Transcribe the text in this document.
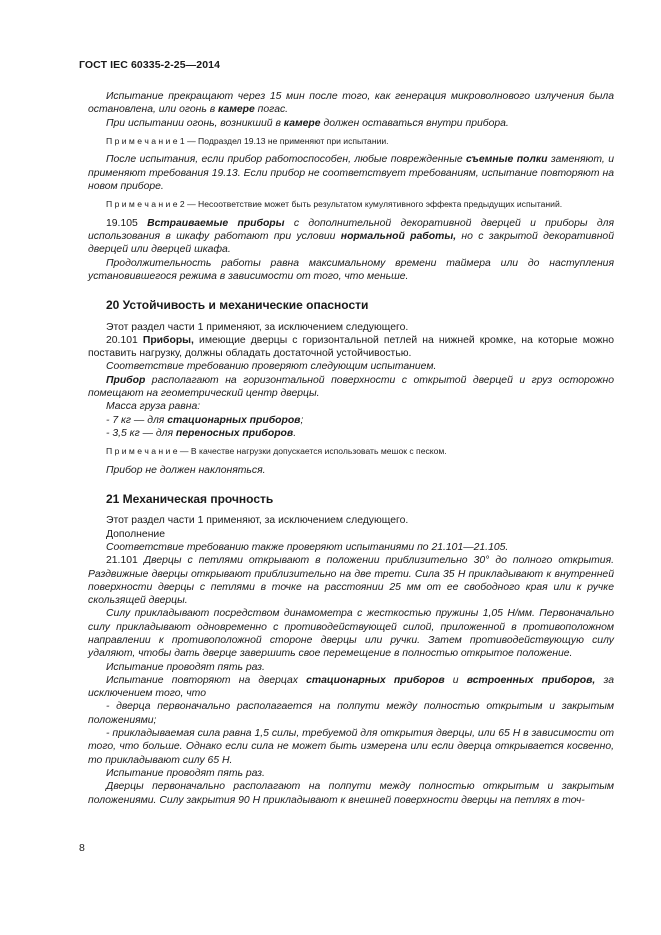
ГОСТ IEC 60335-2-25—2014

Испытание прекращают через 15 мин после того, как генерация микроволнового излучения была остановлена, или огонь в камере погас.

При испытании огонь, возникший в камере должен оставаться внутри прибора.

П р и м е ч а н и е 1 — Подраздел 19.13 не применяют при испытании.

После испытания, если прибор работоспособен, любые поврежденные съемные полки заменяют, и применяют требования 19.13. Если прибор не соответствует требованиям, испытание повторяют на новом приборе.

П р и м е ч а н и е 2 — Несоответствие может быть результатом кумулятивного эффекта предыдущих испытаний.

19.105 Встраиваемые приборы с дополнительной декоративной дверцей и приборы для использования в шкафу работают при условии нормальной работы, но с закрытой декоративной дверцей или дверцей шкафа.

Продолжительность работы равна максимальному времени таймера или до наступления установившегося режима в зависимости от того, что меньше.

20 Устойчивость и механические опасности

Этот раздел части 1 применяют, за исключением следующего.

20.101 Приборы, имеющие дверцы с горизонтальной петлей на нижней кромке, на которые можно поставить нагрузку, должны обладать достаточной устойчивостью.

Соответствие требованию проверяют следующим испытанием.

Прибор располагают на горизонтальной поверхности с открытой дверцей и груз осторожно помещают на геометрический центр дверцы.

Масса груза равна:

- 7 кг — для стационарных приборов;

- 3,5 кг — для переносных приборов.

П р и м е ч а н и е — В качестве нагрузки допускается использовать мешок с песком.

Прибор не должен наклоняться.

21 Механическая прочность

Этот раздел части 1 применяют, за исключением следующего.

Дополнение

Соответствие требованию также проверяют испытаниями по 21.101—21.105.

21.101 Дверцы с петлями открывают в положении приблизительно 30° до полного открытия. Раздвижные дверцы открывают приблизительно на две трети. Сила 35 Н прикладывают к внутренней поверхности дверцы с петлями в точке на расстоянии 25 мм от ее свободного края или к ручке скользящей дверцы.

Силу прикладывают посредством динамометра с жесткостью пружины 1,05 Н/мм. Первоначально силу прикладывают одновременно с противодействующей силой, приложенной в противоположном направлении к противоположной стороне дверцы или ручки. Затем противодействующую силу удаляют, чтобы дать дверце завершить свое перемещение в полностью открытое положение.

Испытание проводят пять раз.

Испытание повторяют на дверцах стационарных приборов и встроенных приборов, за исключением того, что

- дверца первоначально располагается на полпути между полностью открытым и закрытым положениями;

- прикладываемая сила равна 1,5 силы, требуемой для открытия дверцы, или 65 Н в зависимости от того, что больше. Однако если сила не может быть измерена или если дверца открывается косвенно, то прикладывают силу 65 Н.

Испытание проводят пять раз.

Дверцы первоначально располагают на полпути между полностью открытым и закрытым положениями. Силу закрытия 90 Н прикладывают к внешней поверхности дверцы на петлях в точ-

8
